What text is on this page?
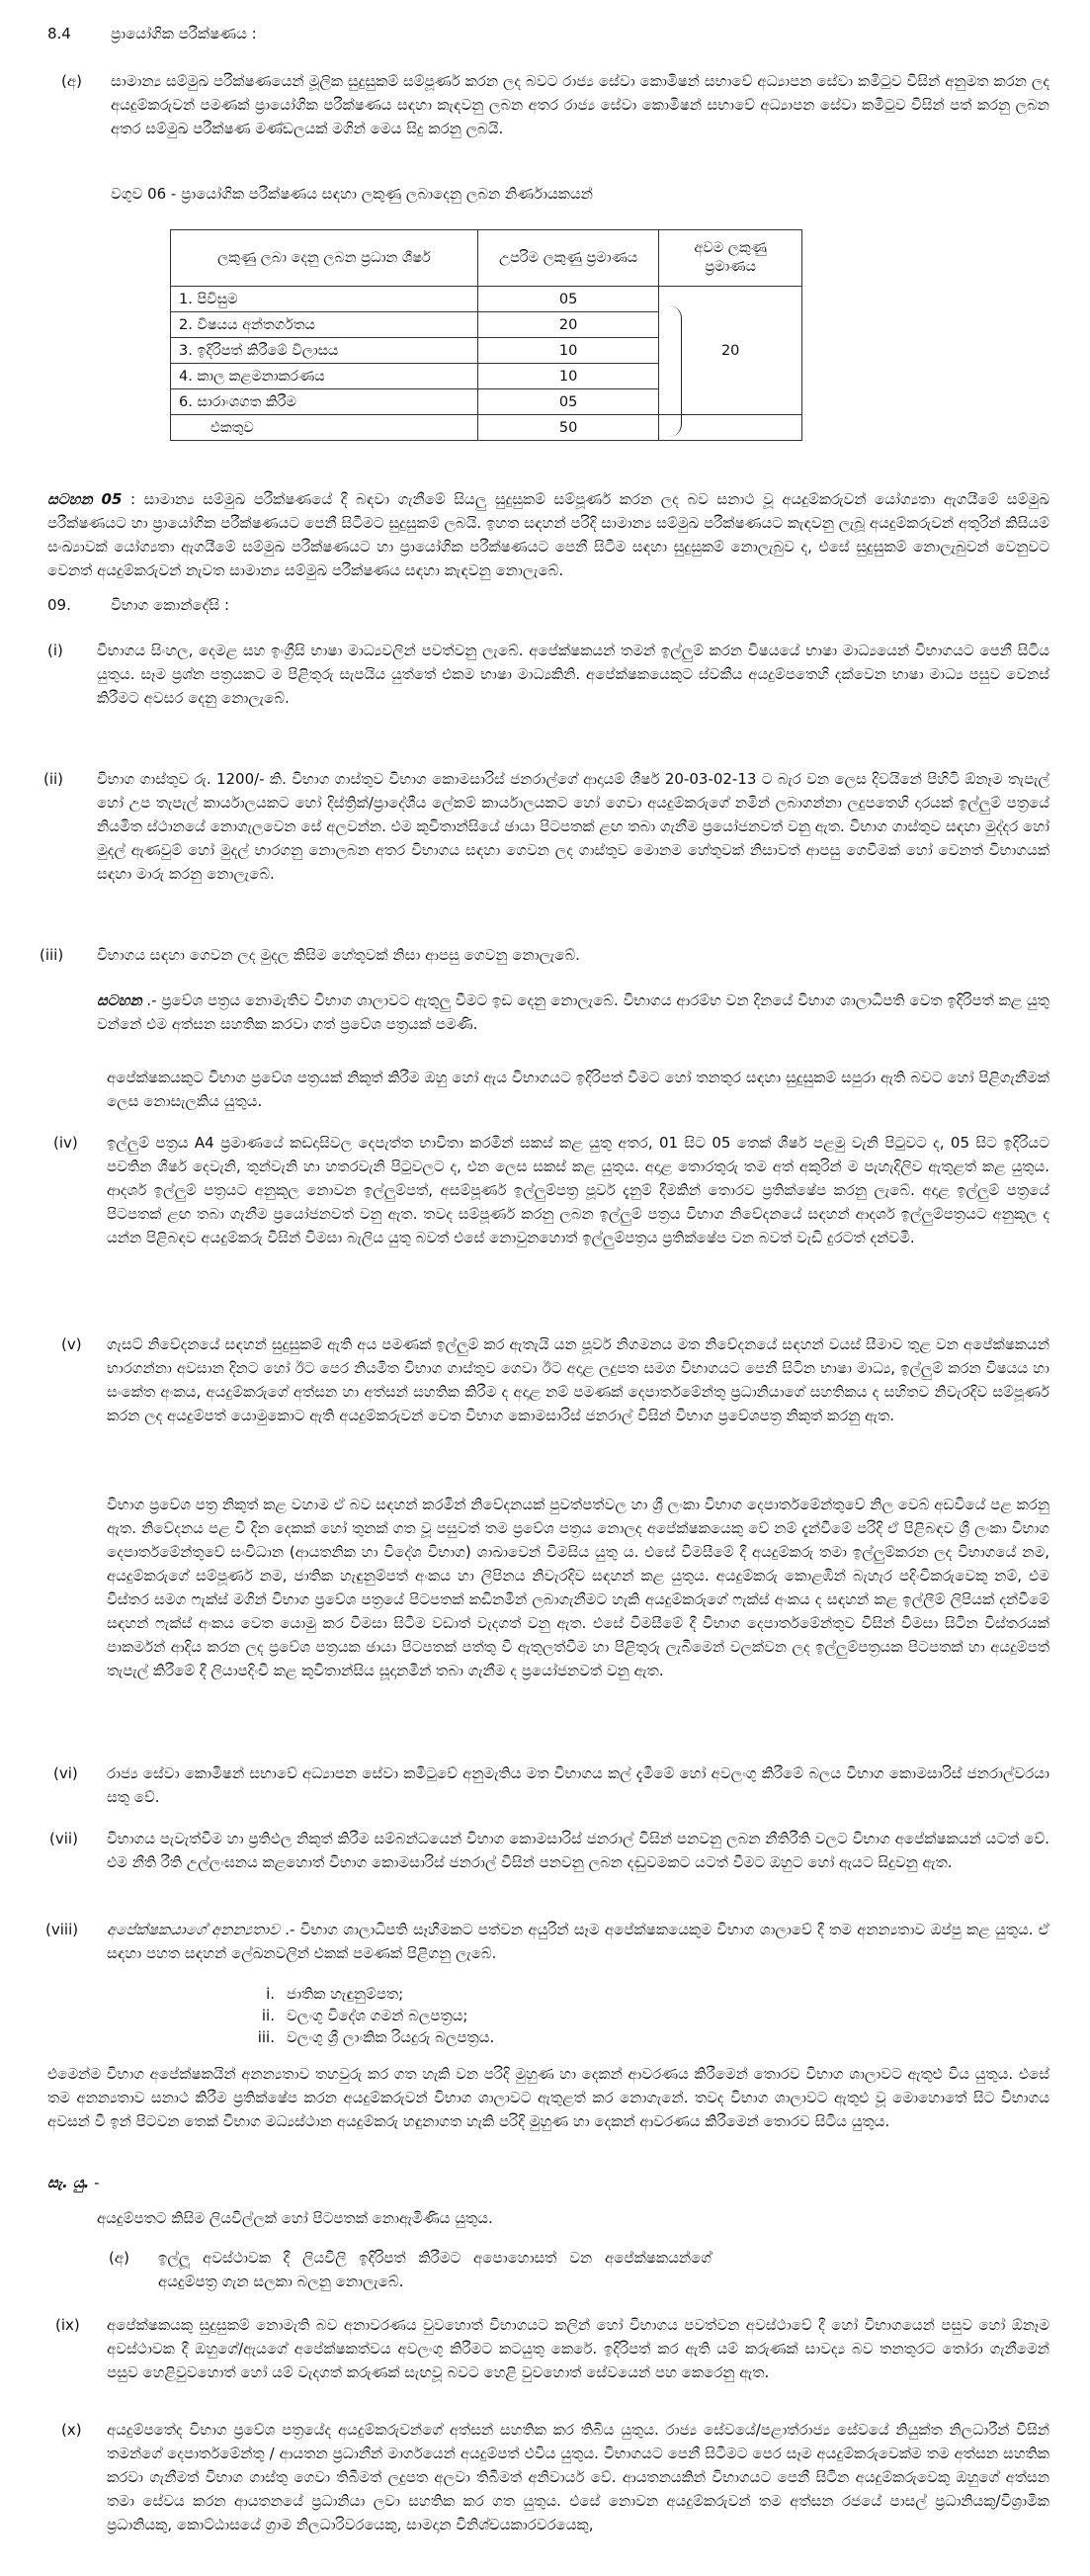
8.4	ප්‍රායෝගික පරීක්ෂණය :
(අ) සාමාන්‍ය සම්මුඛ පරීක්ෂණයෙන් මූලික සුදුසුකම් සම්පූර්ණ කරන ලද බවට රාජ්‍ය සේවා කොමිෂන් සභාවේ අධ්‍යාපන සේවා කමිටුව විසින් අනුමත කරන ලද අයදුම්කරුවන් පමණක් ප්‍රායෝගික පරීක්ෂණය සඳහා කැඳවනු ලබන අතර රාජ්‍ය සේවා කොමිෂන් සභාවේ අධ්‍යාපන සේවා කමිටුව විසින් පත් කරනු ලබන අතර සම්මුඛ පරීක්ෂණ මණ්ඩලයක් මගින් මෙය සිදු කරනු ලබයි.
වගුව 06 - ප්‍රායෝගික පරීක්ෂණය සඳහා ලකුණු ලබාදෙනු ලබන නිර්ණායකයන්
ලකුණු ලබා දෙනු ලබන ප්‍රධාන ශීර්ෂ	උපරිම ලකුණු ප්‍රමාණය	අවම ලකුණු ප්‍රමාණය
1. පිවිසුම	05	20
2. විෂයය අන්තර්ගතය	20	
3. ඉදිරිපත් කිරීමේ විලාසය	10	
4. කාල කළමනාකරණය	10	
6. සාරාංශගත කිරීම	05	
එකතුව	50	
සටහන 05 : සාමාන්‍ය සම්මුඛ පරීක්ෂණයේ දී බඳවා ගැනීමේ සියලු සුදුසුකම් සම්පූර්ණ කරන ලද බව සනාථ වූ අයදුම්කරුවන් යෝග්‍යතා ඇගයීමේ සම්මුඛ පරීක්ෂණයට හා ප්‍රායෝගික පරීක්ෂණයට පෙනී සිටීමට සුදුසුකම් ලබයි. ඉහත සඳහන් පරිදි සාමාන්‍ය සම්මුඛ පරීක්ෂණයට කැඳවනු ලැබූ අයදුම්කරුවන් අතුරින් කිසියම් සංඛ්‍යාවක් යෝග්‍යතා ඇගයීමේ සම්මුඛ පරීක්ෂණයට හා ප්‍රායෝගික පරීක්ෂණයට පෙනී සිටීම සඳහා සුදුසුකම් නොලැබුව ද, එසේ සුදුසුකම් නොලැබුවන් වෙනුවට වෙනත් අයදුම්කරුවන් නැවත සාමාන්‍ය සම්මුඛ පරීක්ෂණය සඳහා කැඳවනු නොලැබේ.
09.	විභාග කොන්දේසි :
(i) විභාගය සිංහල, දෙමළ සහ ඉංග්‍රීසි භාෂා මාධ්‍යවලින් පවත්වනු ලැබේ. අපේක්ෂකයන් තමන් ඉල්ලුම් කරන විෂයයේ භාෂා මාධ්‍යයෙන් විභාගයට පෙනී සිටිය යුතුය. සෑම ප්‍රශ්න පත්‍රයකට ම පිළිතුරු සැපයිය යුත්තේ එකම භාෂා මාධ්‍යකිනි. අපේක්ෂකයෙකුට ස්වකීය අයදුම්පතෙහි දක්වෙන භාෂා මාධ්‍ය පසුව වෙනස් කිරීමට අවසර දෙනු නොලැබේ.
(ii) විභාග ගාස්තුව රු. 1200/- කි. විභාග ගාස්තුව විභාග කොමසාරිස් ජනරාල්ගේ ආදායම් ශීර්ෂ 20-03-02-13 ට බැර වන ලෙස දිවයිනේ පිහිටි ඕනෑම තැපැල් හෝ උප තැපැල් කාර්යාලයකට හෝ දිස්ත්‍රික්/ප්‍රාදේශීය ලේකම් කාර්යාලයකට හෝ ගෙවා අයදුම්කරුගේ නමින් ලබාගන්නා ලදුපතෙහි දාරයක් ඉල්ලුම් පත්‍රයේ නියමිත ස්ථානයේ නොගැලවෙන සේ අලවන්න. එම කුවිතාන්සියේ ඡායා පිටපතක් ළඟ තබා ගැනීම ප්‍රයෝජනවත් වනු ඇත. විභාග ගාස්තුව සඳහා මුද්දර හෝ මුදල් ඇණවුම් හෝ මුදල් භාරගනු නොලබන අතර විභාගය සඳහා ගෙවන ලද ගාස්තුව මොනම හේතුවක් නිසාවත් ආපසු ගෙවීමක් හෝ වෙනත් විභාගයක් සඳහා මාරු කරනු නොලැබේ.
(iii) විභාගය සඳහා ගෙවන ලද මුදල කිසිම හේතුවක් නිසා ආපසු ගෙවනු නොලැබේ.
සටහන .- ප්‍රවේශ පත්‍රය නොමැතිව විභාග ශාලාවට ඇතුලු වීමට ඉඩ දෙනු නොලැබේ. විභාගය ආරම්භ වන දිනයේ විභාග ශාලාධිපති වෙත ඉදිරිපත් කළ යුතු වන්නේ එම අත්සන සහතික කරවා ගත් ප්‍රවේශ පත්‍රයක් පමණි.
අපේක්ෂකයකුට විභාග ප්‍රවේශ පත්‍රයක් නිකුත් කිරීම ඔහු හෝ ඇය විභාගයට ඉදිරිපත් වීමට හෝ තනතුර සඳහා සුදුසුකම් සපුරා ඇති බවට හෝ පිළිගැනීමක් ලෙස නොසැලකිය යුතුය.
(iv) ඉල්ලුම් පත්‍රය A4 ප්‍රමාණයේ කඩදාසිවල දෙපැත්ත භාවිතා කරමින් සකස් කළ යුතු අතර, 01 සිට 05 තෙක් ශීර්ෂ පළමු වැනි පිටුවට ද, 05 සිට ඉදිරියට පවතින ශීර්ෂ දෙවැනි, තුන්වැනි හා හතරවැනි පිටුවලට ද, එන ලෙස සකස් කළ යුතුය. අදාළ තොරතුරු තම අත් අකුරින් ම පැහැදිලිව ඇතුළත් කළ යුතුය. ආදර්ශ ඉල්ලුම් පත්‍රයට අනුකූල නොවන ඉල්ලුම්පත්, අසම්පූර්ණ ඉල්ලුම්පත්‍ර පූර්ව දැනුම් දීමකින් තොරව ප්‍රතික්ෂේප කරනු ලැබේ. අදාළ ඉල්ලුම් පත්‍රයේ පිටපතක් ළඟ තබා ගැනීම ප්‍රයෝජනවත් වනු ඇත. තවද සම්පූර්ණ කරනු ලබන ඉල්ලුම් පත්‍රය විභාග නිවේදනයේ සඳහන් ආදර්ශ ඉල්ලුම්පත්‍රයට අනුකූල ද යන්න පිළිබඳව අයදුම්කරු විසින් විමසා බැලිය යුතු බවත් එසේ නොවුනහොත් ඉල්ලුම්පත්‍රය ප්‍රතික්ෂේප වන බවත් වැඩි දුරටත් දන්වමි.
(v) ගැසට් නිවේදනයේ සඳහන් සුදුසුකම් ඇති අය පමණක් ඉල්ලුම් කර ඇතැයි යන පූර්ව නිගමනය මත නිවේදනයේ සඳහන් වයස් සීමාව තුළ වන අපේක්ෂකයන් භාරගන්නා අවසාන දිනට හෝ ඊට පෙර නියමිත විභාග ගාස්තුව ගෙවා ඊට අදාළ ලදුපත සමග විභාගයට පෙනී සිටින භාෂා මාධ්‍ය, ඉල්ලුම් කරන විෂයය හා සංකේත අංකය, අයදුම්කරුගේ අත්සන හා අත්සන් සහතික කිරීම ද අදාළ නම් පමණක් දෙපාර්තමේන්තු ප්‍රධානියාගේ සහතිකය ද සහිතව නිවැරදිව සම්පූර්ණ කරන ලද අයදුම්පත් යොමුකොට ඇති අයදුම්කරුවන් වෙත විභාග කොමසාරිස් ජනරාල් විසින් විභාග ප්‍රවේශපත්‍ර නිකුත් කරනු ඇත.
විභාග ප්‍රවේශ පත්‍ර නිකුත් කළ වහාම ඒ බව සඳහන් කරමින් නිවේදනයක් පුවත්පත්වල හා ශ්‍රී ලංකා විභාග දෙපාර්තමේන්තුවේ නිල වෙබ් අඩවියේ පළ කරනු ඇත. නිවේදනය පළ වී දින දෙකක් හෝ තුනක් ගත වූ පසුවත් තම ප්‍රවේශ පත්‍රය නොලද අපේක්ෂකයෙකු වේ නම් දැන්වීමේ පරිදි ඒ පිළිබඳව ශ්‍රී ලංකා විභාග දෙපාර්තමේන්තුවේ සංවිධාන (ආයතනික හා විදේශ විභාග) ශාඛාවෙන් විමසිය යුතු ය. එසේ විමසීමේ දී අයදුම්කරු තමා ඉල්ලුම්කරන ලද විභාගයේ නම, අයදුම්කරුගේ සම්පූර්ණ නම, ජාතික හැඳුනුම්පත් අංකය හා ලිපිනය නිවැරදිව සඳහන් කළ යුතුය. අයදුම්කරු කොළඹින් බැහැර පදිංචිකරුවෙකු නම්, එම විස්තර සමග ෆැක්ස් මගින් විභාග ප්‍රවේශ පත්‍රයේ පිටපතක් කඩිනමින් ලබාගැනීමට හැකි අයදුම්කරුගේ ෆැක්ස් අංකය ද සඳහන් කළ ඉල්ලීම් ලිපියක් දන්වීමේ සඳහන් ෆැක්ස් අංකය වෙත යොමු කර විමසා සිටීම වඩාත් වැදගත් වනු ඇත. එසේ විමසීමේ දී විභාග දෙපාර්තමේන්තුව විසින් විමසා සිටින විස්තරයක් පාකර්මන් ආදිය කරන ලද ප්‍රවේශ පත්‍රයක ඡායා පිටපතක් පත්තු වී ඇතුලත්වීම හා පිළිතුරු ලැබීමෙන් වලක්වන ලද ඉල්ලුම්පත්‍රයක පිටපතක් හා අයදුම්පත් තැපැල් කිරීමේ දී ලියාපදිංචි කළ කුවිතාන්සිය සූදානමින් තබා ගැනීම ද ප්‍රයෝජනවත් වනු ඇත.
(vi) රාජ්‍ය සේවා කොමිෂන් සභාවේ අධ්‍යාපන සේවා කමිටුවේ අනුමැතිය මත විභාගය කල් දැමීමේ හෝ අවලංගු කිරීමේ බලය විභාග කොමසාරිස් ජනරාල්වරයා සතු වේ.
(vii) විභාගය පැවැත්වීම හා ප්‍රතිඵල නිකුත් කිරීම සම්බන්ධයෙන් විභාග කොමසාරිස් ජනරාල් විසින් පනවනු ලබන නීතිරීති වලට විභාග අපේක්ෂකයන් යටත් වේ. එම නීති රීති උල්ලංඝනය කළහොත් විභාග කොමසාරිස් ජනරාල් විසින් පනවනු ලබන දඬුවමකට යටත් වීමට ඔහුට හෝ ඇයට සිදුවනු ඇත.
(viii) අපේක්ෂකයාගේ අනන්‍යතාව .- විභාග ශාලාධිපති සෑහීමකට පත්වන අයුරින් සෑම අපේක්ෂකයෙකුම විභාග ශාලාවේ දී තම අනන්‍යතාව ඔප්පු කළ යුතුය. ඒ සඳහා පහත සඳහන් ලේඛනවලින් එකක් පමණක් පිළිගනු ලැබේ.
i. ජාතික හැඳුනුම්පත;
ii. වලංගු විදේශ ගමන් බලපත්‍රය;
iii. වලංගු ශ්‍රී ලාංකික රියදුරු බලපත්‍රය.
එමෙන්ම විභාග අපේක්ෂකයින් අනන්‍යතාව තහවුරු කර ගත හැකි වන පරිදි මුහුණ හා දෙකන් ආවරණය කිරීමෙන් තොරව විභාග ශාලාවට ඇතුළු විය යුතුය. එසේ තම අනන්‍යතාව සනාථ කිරීම ප්‍රතික්ෂේප කරන අයදුම්කරුවන් විභාග ශාලාවට ඇතුළත් කර නොගැනේ. තවද විභාග ශාලාවට ඇතුළු වූ මොහොතේ සිට විභාගය අවසන් වී ඉන් පිටවන තෙක් විභාග මධ්‍යස්ථාන අයදුම්කරු හඳුනාගත හැකි පරිදි මුහුණ හා දෙකන් ආවරණය කිරීමෙන් තොරව සිටිය යුතුය.
සැ. යු. -
අයදුම්පතට කිසිම ලියවිල්ලක් හෝ පිටපතක් නොඇමිණිය යුතුය.
(අ) ඉල්ලූ අවස්ථාවක දී ලියවිලි ඉදිරිපත් කිරීමට අපොහොසත් වන අපේක්ෂකයන්ගේ අයදුම්පත්‍ර ගැන සලකා බලනු නොලැබේ.
(ix) අපේක්ෂකයකු සුදුසුකම් නොමැති බව අනාවරණය වුවහොත් විභාගයට කලින් හෝ විභාගය පවත්වන අවස්ථාවේ දී හෝ විභාගයෙන් පසුව හෝ ඕනෑම අවස්ථාවක දී ඔහුගේ/ඇයගේ අපේක්ෂකත්වය අවලංගු කිරීමට කටයුතු කෙරේ. ඉදිරිපත් කර ඇති යම් කරුණක් සාවද්‍ය බව තනතුරට තෝරා ගැනීමෙන් පසුව හෙළිවුවහොත් හෝ යම් වැදගත් කරුණක් සැඟවූ බවට හෙළි වුවහොත් සේවයෙන් පහ කෙරෙනු ඇත.
(x) අයදුම්පතේද විභාග ප්‍රවේශ පත්‍රයේද අයදුම්කරුවන්ගේ අත්සන් සහතික කර තිබිය යුතුය. රාජ්‍ය සේවයේ/පළාත්රාජ්‍ය සේවයේ නියුක්ත නිලධාරීන් විසින් තමන්ගේ දෙපාර්තමේන්තු / ආයතන ප්‍රධානීන් මාර්ගයෙන් අයදුම්පත් එවිය යුතුය. විභාගයට පෙනී සිටීමට පෙර සෑම අයදුම්කරුවෙක්ම තම අත්සන සහතික කරවා ගැනීමත් විභාග ගාස්තු ගෙවා තිබීමත් ලදුපත අලවා තිබීමත් අනිවාර්ය වේ. ආයතනයකින් විභාගයට පෙනී සිටින අයදුම්කරුවෙකු ඔහුගේ අත්සන තමා සේවය කරන ආයතනයේ ප්‍රධානියා ලවා සහතික කර ගත යුතුය. එසේ නොවන අයදුම්කරුවන් තම අත්සන රජයේ පාසල් ප්‍රධානියකු/විශ්‍රාමික ප්‍රධානියකු, කොට්ඨාසයේ ග්‍රාම නිලධාරිවරයෙකු, සාමදාන විනිශ්චයකාරවරයෙකු,
